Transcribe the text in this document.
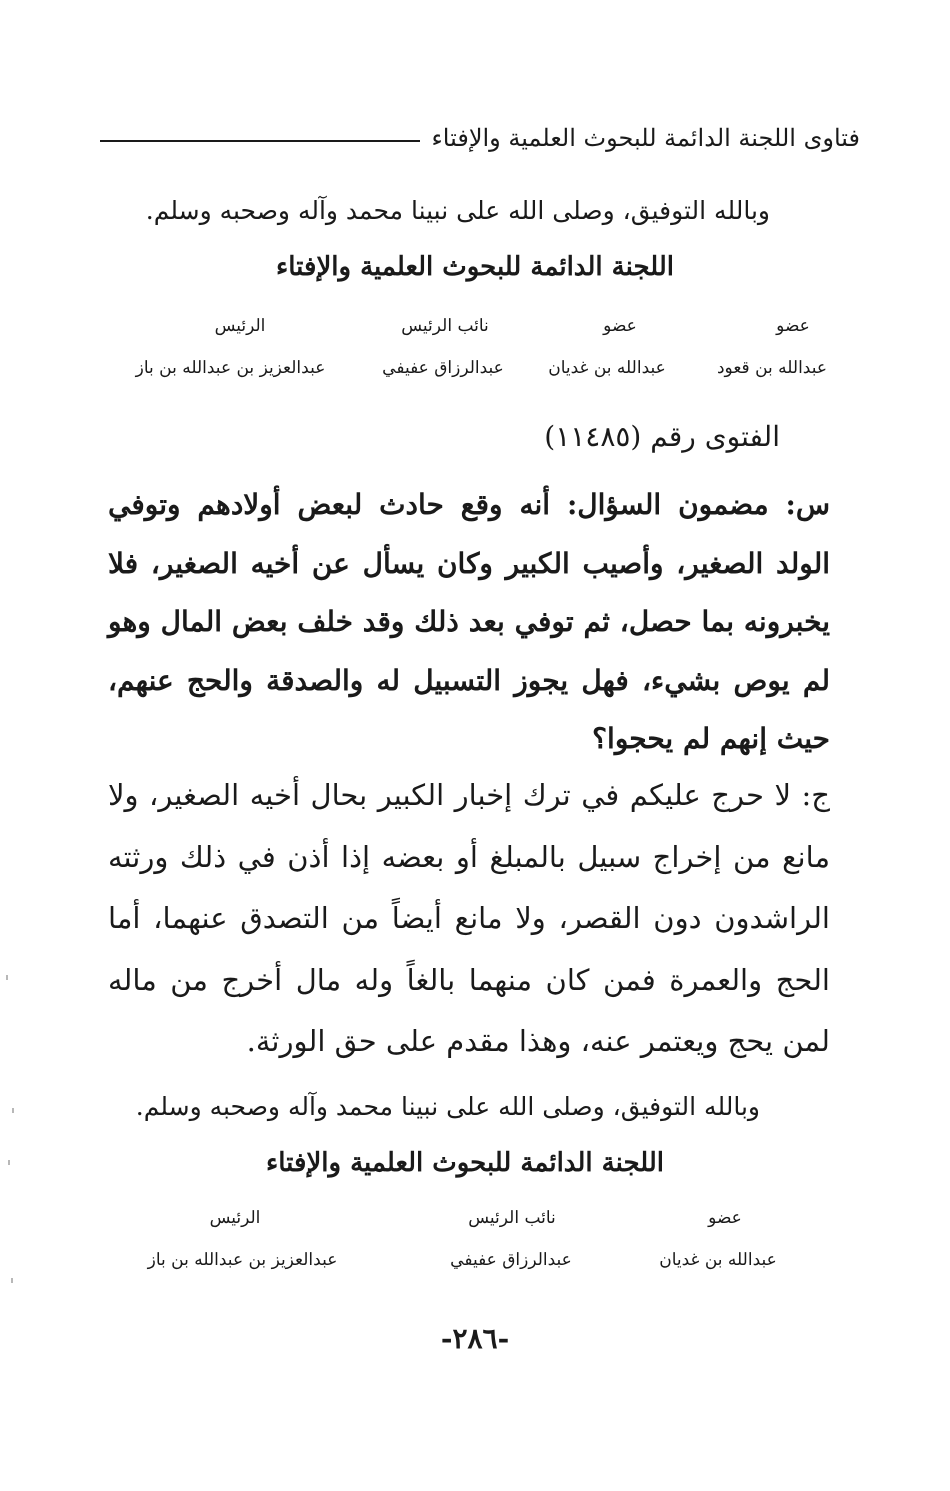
فتاوى اللجنة الدائمة للبحوث العلمية والإفتاء
وبالله التوفيق، وصلى الله على نبينا محمد وآله وصحبه وسلم.
اللجنة الدائمة للبحوث العلمية والإفتاء
عضو
عضو
نائب الرئيس
الرئيس
عبدالله بن قعود
عبدالله بن غديان
عبدالرزاق عفيفي
عبدالعزيز بن عبدالله بن باز
الفتوى رقم (١١٤٨٥)

س: مضمون السؤال: أنه وقع حادث لبعض أولادهم وتوفي الولد الصغير، وأصيب الكبير وكان يسأل عن أخيه الصغير، فلا يخبرونه بما حصل، ثم توفي بعد ذلك وقد خلف بعض المال وهو لم يوص بشيء، فهل يجوز التسبيل له والصدقة والحج عنهم، حيث إنهم لم يحجوا؟

ج: لا حرج عليكم في ترك إخبار الكبير بحال أخيه الصغير، ولا مانع من إخراج سبيل بالمبلغ أو بعضه إذا أذن في ذلك ورثته الراشدون دون القصر، ولا مانع أيضاً من التصدق عنهما، أما الحج والعمرة فمن كان منهما بالغاً وله مال أخرج من ماله لمن يحج ويعتمر عنه، وهذا مقدم على حق الورثة.

وبالله التوفيق، وصلى الله على نبينا محمد وآله وصحبه وسلم.
اللجنة الدائمة للبحوث العلمية والإفتاء
عضو
نائب الرئيس
الرئيس
عبدالله بن غديان
عبدالرزاق عفيفي
عبدالعزيز بن عبدالله بن باز
-٢٨٦-
